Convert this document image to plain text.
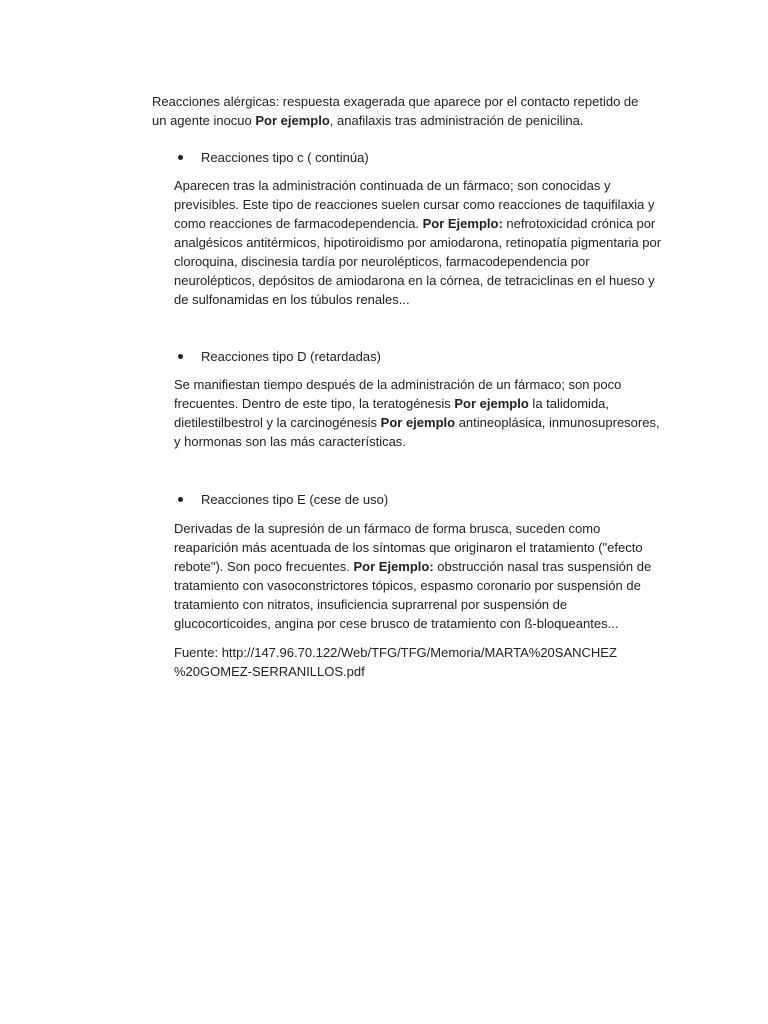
Reacciones alérgicas: respuesta exagerada que aparece por el contacto repetido de un agente inocuo Por ejemplo, anafilaxis tras administración de penicilina.

Reacciones tipo c ( continúa)

Aparecen tras la administración continuada de un fármaco; son conocidas y previsibles. Este tipo de reacciones suelen cursar como reacciones de taquifilaxia y como reacciones de farmacodependencia. Por Ejemplo: nefrotoxicidad crónica por analgésicos antitérmicos, hipotiroidismo por amiodarona, retinopatía pigmentaria por cloroquina, discinesia tardía por neurolépticos, farmacodependencia por neurolépticos, depósitos de amiodarona en la córnea, de tetraciclinas en el hueso y de sulfonamidas en los túbulos renales...

Reacciones tipo D (retardadas)

Se manifiestan tiempo después de la administración de un fármaco; son poco frecuentes. Dentro de este tipo, la teratogénesis Por ejemplo la talidomida, dietilestilbestrol y la carcinogénesis Por ejemplo antineoplásica, inmunosupresores, y hormonas son las más características.

Reacciones tipo E (cese de uso)

Derivadas de la supresión de un fármaco de forma brusca, suceden como reaparición más acentuada de los síntomas que originaron el tratamiento ("efecto rebote"). Son poco frecuentes. Por Ejemplo: obstrucción nasal tras suspensión de tratamiento con vasoconstrictores tópicos, espasmo coronario por suspensión de tratamiento con nitratos, insuficiencia suprarrenal por suspensión de glucocorticoides, angina por cese brusco de tratamiento con ß-bloqueantes...

Fuente: http://147.96.70.122/Web/TFG/TFG/Memoria/MARTA%20SANCHEZ %20GOMEZ-SERRANILLOS.pdf
